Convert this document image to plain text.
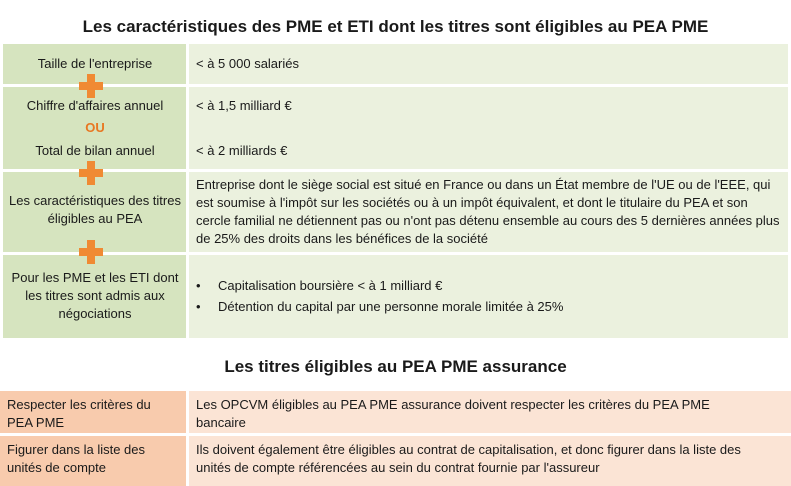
Les caractéristiques des PME et ETI dont les titres sont éligibles au PEA PME
Taille de l'entreprise	< à 5 000 salariés
Chiffre d'affaires annuel
OU
Total de bilan annuel
< à 1,5 milliard €
< à 2 milliards €
Les caractéristiques des titres éligibles au PEA
Entreprise dont le siège social est situé en France ou dans un État membre de l'UE ou de l'EEE, qui est soumise à l'impôt sur les sociétés ou à un impôt équivalent, et dont le titulaire du PEA et son cercle familial ne détiennent pas ou n'ont pas détenu ensemble au cours des 5 dernières années plus de 25% des droits dans les bénéfices de la société
Pour les PME et les ETI dont les titres sont admis aux négociations
• Capitalisation boursière < à 1 milliard €
• Détention du capital par une personne morale limitée à 25%
Les titres éligibles au PEA PME assurance
Respecter les critères du PEA PME
Les OPCVM éligibles au PEA PME assurance doivent respecter les critères du PEA PME bancaire
Figurer dans la liste des unités de compte
Ils doivent également être éligibles au contrat de capitalisation, et donc figurer dans la liste des unités de compte référencées au sein du contrat fournie par l'assureur
